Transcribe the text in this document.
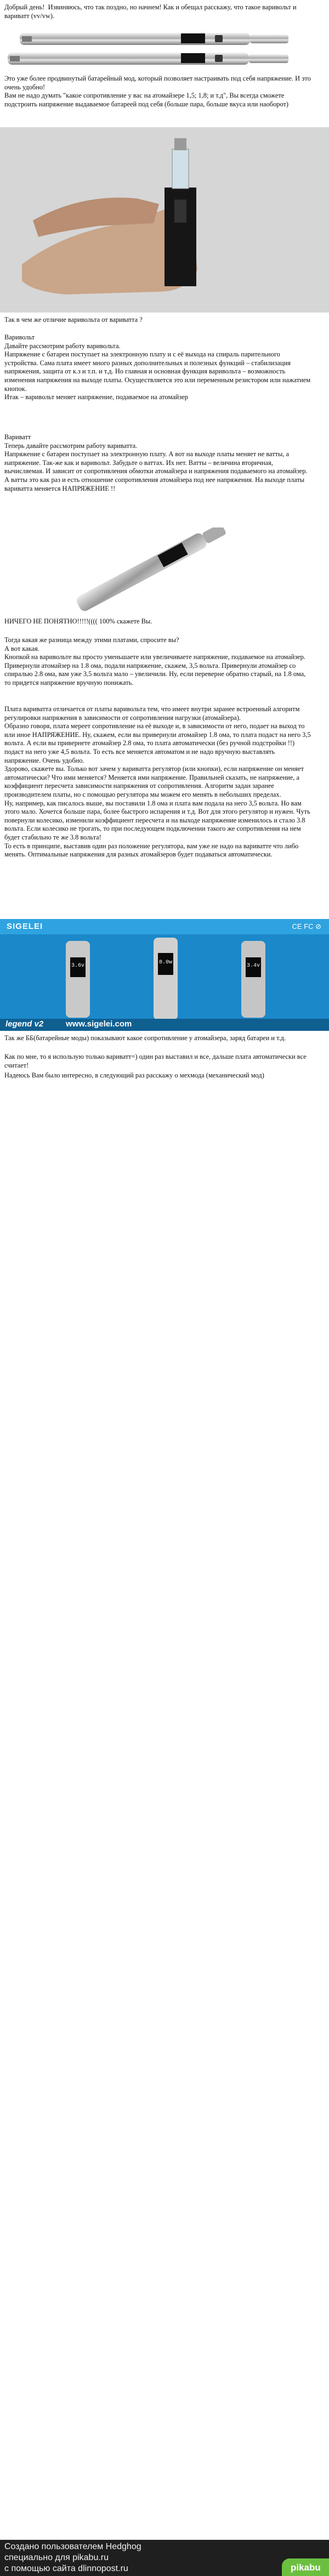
Добрый день!  Извиняюсь, что так поздно, но начнем! Как и обещал расскажу, что такое варивольт и вариватт (vv/vw).
Это уже более продвинутый батарейный мод, который позволяет настраивать под себя напряжение. И это очень удобно!
Вам не надо думать "какое сопротивление у вас на атомайзере 1,5; 1,8; и т.д", Вы всегда сможете подстроить напряжение выдаваемое батареей под себя (больше пара, больше вкуса или наоборот)
Так в чем же отличие варивольта от вариватта ?
Варивольт
Давайте рассмотрим работу варивольта.
Напряжение с батареи поступает на электронную плату и с её выхода на спираль парительного устройства. Сама плата имеет много разных дополнительных и полезных функций – стабилизация напряжения, защита от к.з и т.п. и т.д. Но главная и основная функция варивольта – возможность изменения напряжения на выходе платы. Осуществляется это или переменным резистором или нажатием кнопок.
Итак – варивольт меняет напряжение, подаваемое на атомайзер
Вариватт
Теперь давайте рассмотрим работу вариватта.
Напряжение с батареи поступает на электронную плату. А вот на выходе платы меняет не ватты, а напряжение. Так-же как и варивольт. Забудьте о ваттах. Их нет. Ватты – величина вторичная, вычисляемая. И зависит от сопротивления обмотки атомайзера и напряжения подаваемого на атомайзер. А ватты это как раз и есть отношение сопротивления атомайзера под нее напряжения. На выходе платы вариватта меняется НАПРЯЖЕНИЕ !!
НИЧЕГО НЕ ПОНЯТНО!!!!!(((( 100% скажете Вы.
Тогда какая же разница между этими платами, спросите вы?
А вот какая.
Кнопкой на варивольте вы просто уменьшаете или увеличиваете напряжение, подаваемое на атомайзер. Привернули атомайзер на 1.8 ома, подали напряжение, скажем, 3,5 вольта. Привернули атомайзер со спиралью 2.8 ома, вам уже 3,5 вольта мало – увеличили. Ну, если переверне обратно старый, на 1.8 ома, то придется напряжение вручную понижать.
Плата вариватта отличается от платы варивольта тем, что имеет внутри заранее встроенный алгоритм регулировки напряжения в зависимости от сопротивления нагрузки (атомайзера).
Образно говоря, плата мереет сопротивление на её выходе и, в зависимости от него, подает на выход то или иное НАПРЯЖЕНИЕ. Ну, скажем, если вы привернули атомайзер 1.8 ома, то плата подаст на него 3,5 вольта. А если вы привернете атомайзер 2.8 ома, то плата автоматически (без ручной подстройки !!) подаст на него уже 4,5 вольта. То есть все меняется автоматом и не надо вручную выставлять напряжение. Очень удобно.
Здорово, скажете вы. Только вот зачем у вариватта регулятор (или кнопки), если напряжение он меняет автоматически? Что ими меняется? Меняется ими напряжение. Правильней сказать, не напряжение, а коэффициент пересчета зависимости напряжения от сопротивления. Алгоритм задан заранее производителем платы, но с помощью регулятора мы можем его менять в небольших пределах.
Ну, например, как писалось выше, вы поставили 1.8 ома и плата вам подала на него 3,5 вольта. Но вам этого мало. Хочется больше пара, более быстрого испарения и т.д. Вот для этого регулятор и нужен. Чуть повернули колесико, изменили коэффициент пересчета и на выходе напряжение изменилось и стало 3.8 вольта. Если колесико не трогать, то при последующем подключении такого же сопротивления на нем будет стабильно те же 3.8 вольта!
То есть в принципе, выставив один раз положение регулятора, вам уже не надо на вариватте что либо менять. Оптимальные напряжения для разных атомайзеров будет подаваться автоматически.
SIGELEI	CE FC ⊘
3.6v
8.0w
3.4v
legend v2	www.sigelei.com
Так же ББ(батарейные моды) показывают какое сопротивление у атомайзера, заряд батареи и т.д.
Как по мне, то я использую только вариватт=) один раз выставил и все, дальше плата автоматически все считает!
Надеюсь Вам было интересно, в следующий раз расскажу о мехмода (механический мод)
Создано пользователем Hedghog
специально для pikabu.ru
с помощью сайта dlinnopost.ru	pikabu
